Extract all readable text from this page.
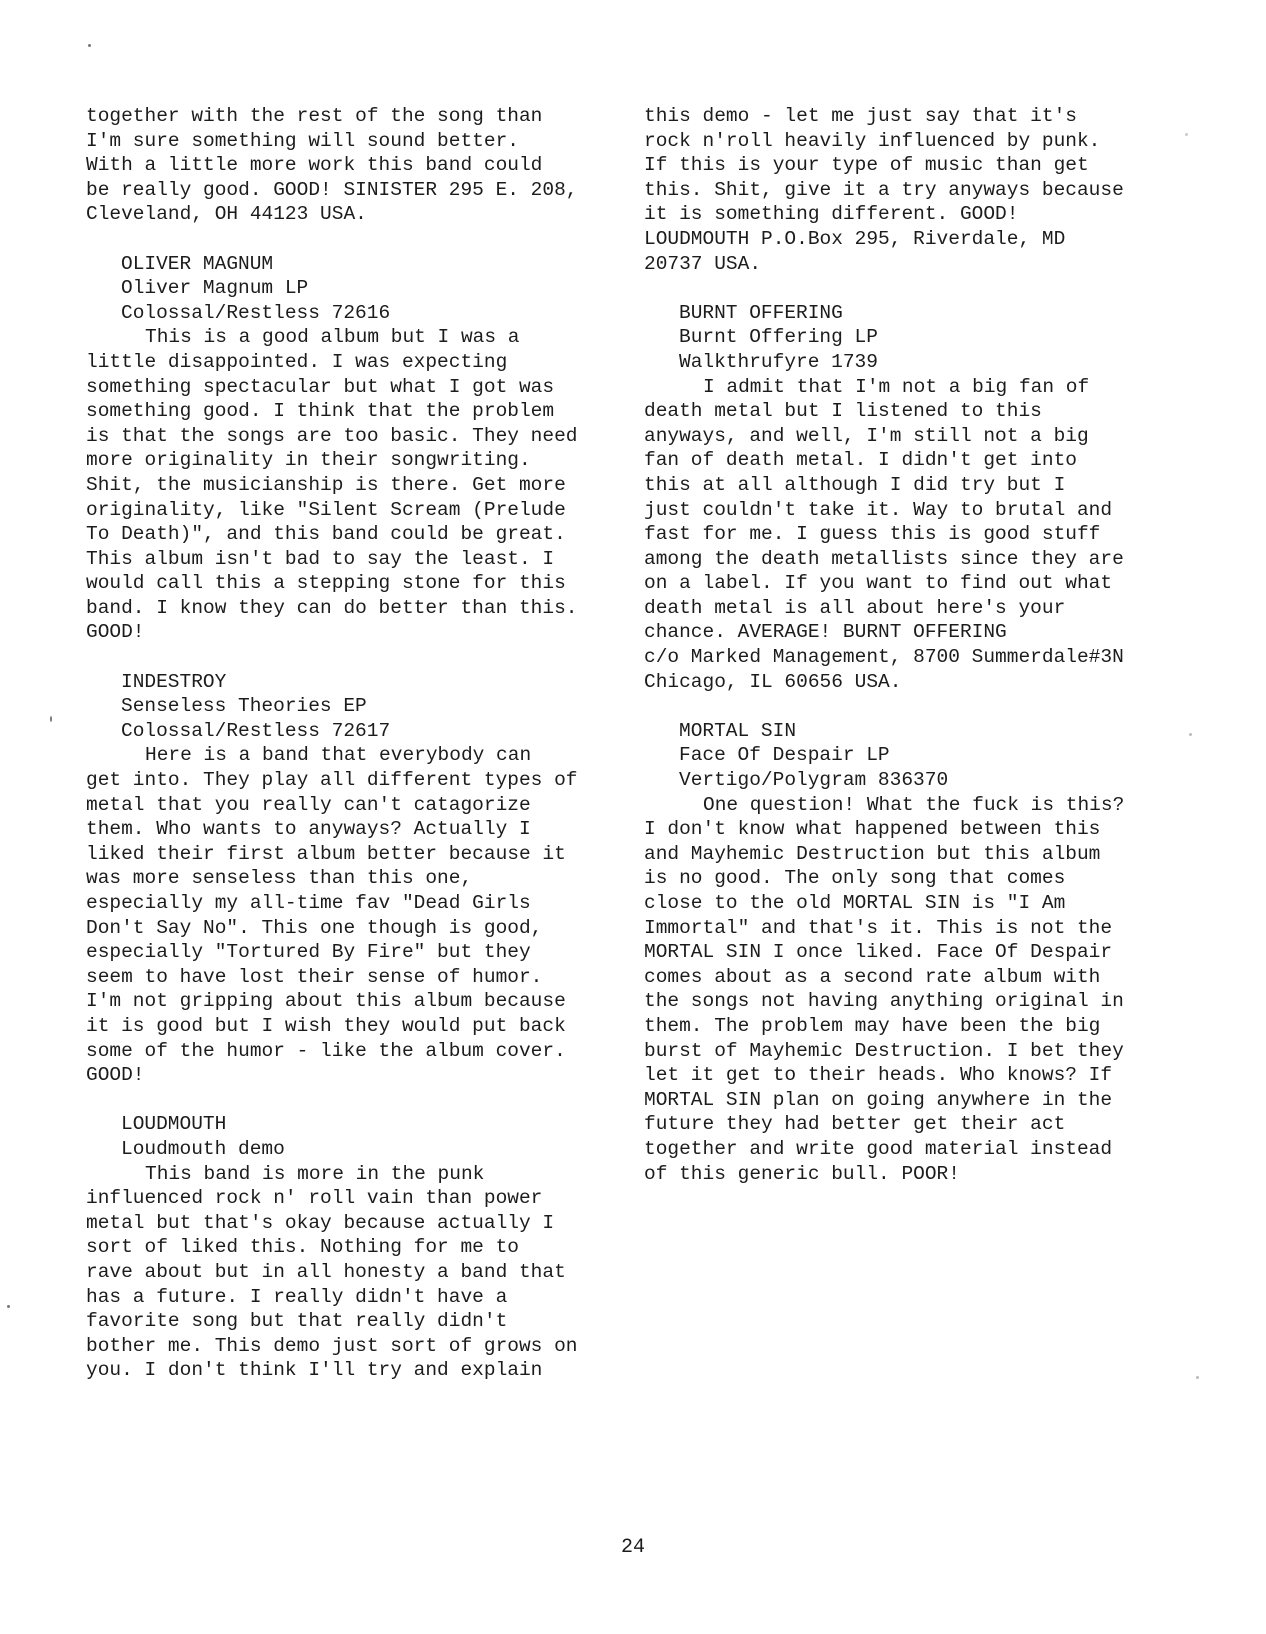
together with the rest of the song than
I'm sure something will sound better.
With a little more work this band could
be really good. GOOD! SINISTER 295 E. 208,
Cleveland, OH 44123 USA.
OLIVER MAGNUM
Oliver Magnum LP
Colossal/Restless 72616
This is a good album but I was a
little disappointed. I was expecting
something spectacular but what I got was
something good. I think that the problem
is that the songs are too basic. They need
more originality in their songwriting.
Shit, the musicianship is there. Get more
originality, like "Silent Scream (Prelude
To Death)", and this band could be great.
This album isn't bad to say the least. I
would call this a stepping stone for this
band. I know they can do better than this.
GOOD!
INDESTROY
Senseless Theories EP
Colossal/Restless 72617
Here is a band that everybody can
get into. They play all different types of
metal that you really can't catagorize
them. Who wants to anyways? Actually I
liked their first album better because it
was more senseless than this one,
especially my all-time fav "Dead Girls
Don't Say No". This one though is good,
especially "Tortured By Fire" but they
seem to have lost their sense of humor.
I'm not gripping about this album because
it is good but I wish they would put back
some of the humor - like the album cover.
GOOD!
LOUDMOUTH
Loudmouth demo
This band is more in the punk
influenced rock n' roll vain than power
metal but that's okay because actually I
sort of liked this. Nothing for me to
rave about but in all honesty a band that
has a future. I really didn't have a
favorite song but that really didn't
bother me. This demo just sort of grows on
you. I don't think I'll try and explain
this demo - let me just say that it's
rock n'roll heavily influenced by punk.
If this is your type of music than get
this. Shit, give it a try anyways because
it is something different. GOOD!
LOUDMOUTH P.O.Box 295, Riverdale, MD
20737 USA.
BURNT OFFERING
Burnt Offering LP
Walkthrufyre 1739
I admit that I'm not a big fan of
death metal but I listened to this
anyways, and well, I'm still not a big
fan of death metal. I didn't get into
this at all although I did try but I
just couldn't take it. Way to brutal and
fast for me. I guess this is good stuff
among the death metallists since they are
on a label. If you want to find out what
death metal is all about here's your
chance. AVERAGE! BURNT OFFERING
c/o Marked Management, 8700 Summerdale#3N
Chicago, IL 60656 USA.
MORTAL SIN
Face Of Despair LP
Vertigo/Polygram 836370
One question! What the fuck is this?
I don't know what happened between this
and Mayhemic Destruction but this album
is no good. The only song that comes
close to the old MORTAL SIN is "I Am
Immortal" and that's it. This is not the
MORTAL SIN I once liked. Face Of Despair
comes about as a second rate album with
the songs not having anything original in
them. The problem may have been the big
burst of Mayhemic Destruction. I bet they
let it get to their heads. Who knows? If
MORTAL SIN plan on going anywhere in the
future they had better get their act
together and write good material instead
of this generic bull. POOR!
24
